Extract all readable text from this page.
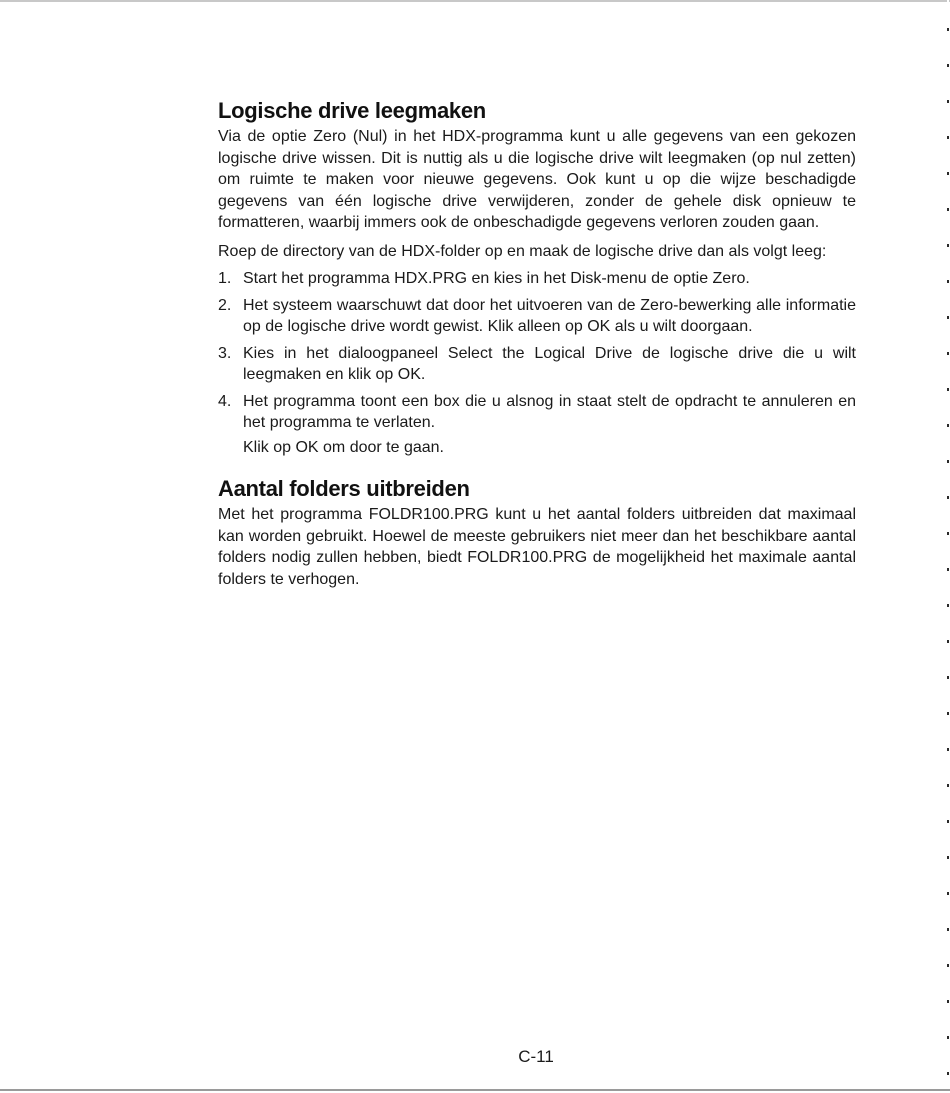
Logische drive leegmaken

Via de optie Zero (Nul) in het HDX-programma kunt u alle gegevens van een gekozen logische drive wissen. Dit is nuttig als u die logische drive wilt leegmaken (op nul zetten) om ruimte te maken voor nieuwe gegevens. Ook kunt u op die wijze beschadigde gegevens van één logische drive verwijderen, zonder de gehele disk opnieuw te formatteren, waarbij immers ook de onbeschadigde gegevens verloren zouden gaan.

Roep de directory van de HDX-folder op en maak de logische drive dan als volgt leeg:

1. Start het programma HDX.PRG en kies in het Disk-menu de optie Zero.
2. Het systeem waarschuwt dat door het uitvoeren van de Zero-bewerking alle informatie op de logische drive wordt gewist. Klik alleen op OK als u wilt doorgaan.
3. Kies in het dialoogpaneel Select the Logical Drive de logische drive die u wilt leegmaken en klik op OK.
4. Het programma toont een box die u alsnog in staat stelt de opdracht te annuleren en het programma te verlaten.
Klik op OK om door te gaan.
Aantal folders uitbreiden

Met het programma FOLDR100.PRG kunt u het aantal folders uitbreiden dat maximaal kan worden gebruikt. Hoewel de meeste gebruikers niet meer dan het beschikbare aantal folders nodig zullen hebben, biedt FOLDR100.PRG de mogelijkheid het maximale aantal folders te verhogen.

C-11
